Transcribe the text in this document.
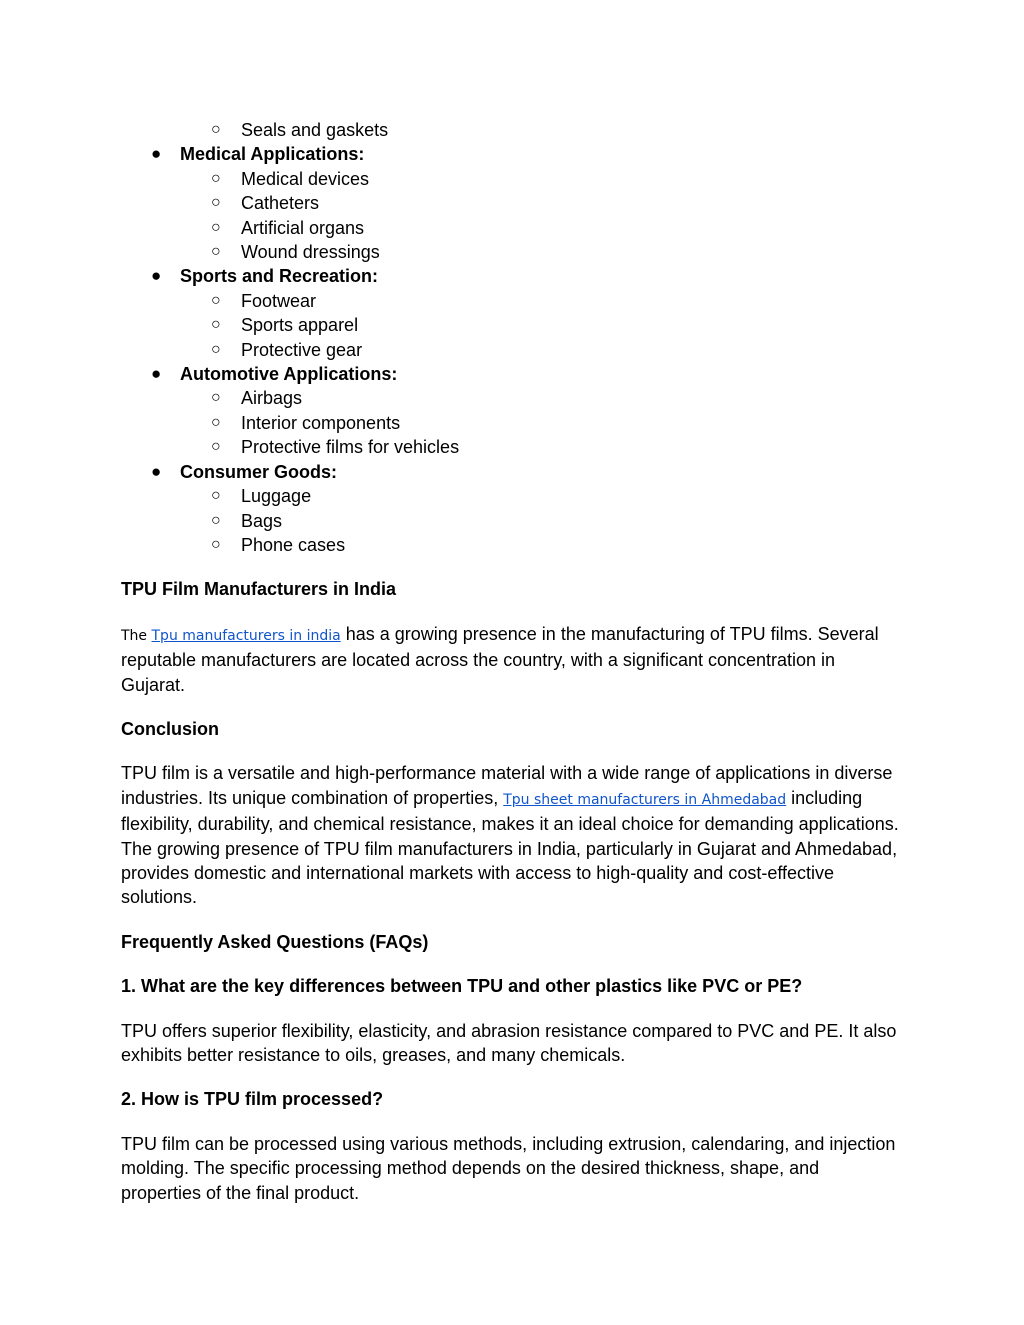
○ Seals and gaskets
● Medical Applications:
○ Medical devices
○ Catheters
○ Artificial organs
○ Wound dressings
● Sports and Recreation:
○ Footwear
○ Sports apparel
○ Protective gear
● Automotive Applications:
○ Airbags
○ Interior components
○ Protective films for vehicles
● Consumer Goods:
○ Luggage
○ Bags
○ Phone cases
TPU Film Manufacturers in India

The Tpu manufacturers in india has a growing presence in the manufacturing of TPU films. Several reputable manufacturers are located across the country, with a significant concentration in Gujarat.

Conclusion

TPU film is a versatile and high-performance material with a wide range of applications in diverse industries. Its unique combination of properties, Tpu sheet manufacturers in Ahmedabad including flexibility, durability, and chemical resistance, makes it an ideal choice for demanding applications. The growing presence of TPU film manufacturers in India, particularly in Gujarat and Ahmedabad, provides domestic and international markets with access to high-quality and cost-effective solutions.

Frequently Asked Questions (FAQs)
1. What are the key differences between TPU and other plastics like PVC or PE?

TPU offers superior flexibility, elasticity, and abrasion resistance compared to PVC and PE. It also exhibits better resistance to oils, greases, and many chemicals.

2. How is TPU film processed?

TPU film can be processed using various methods, including extrusion, calendaring, and injection molding. The specific processing method depends on the desired thickness, shape, and properties of the final product.
